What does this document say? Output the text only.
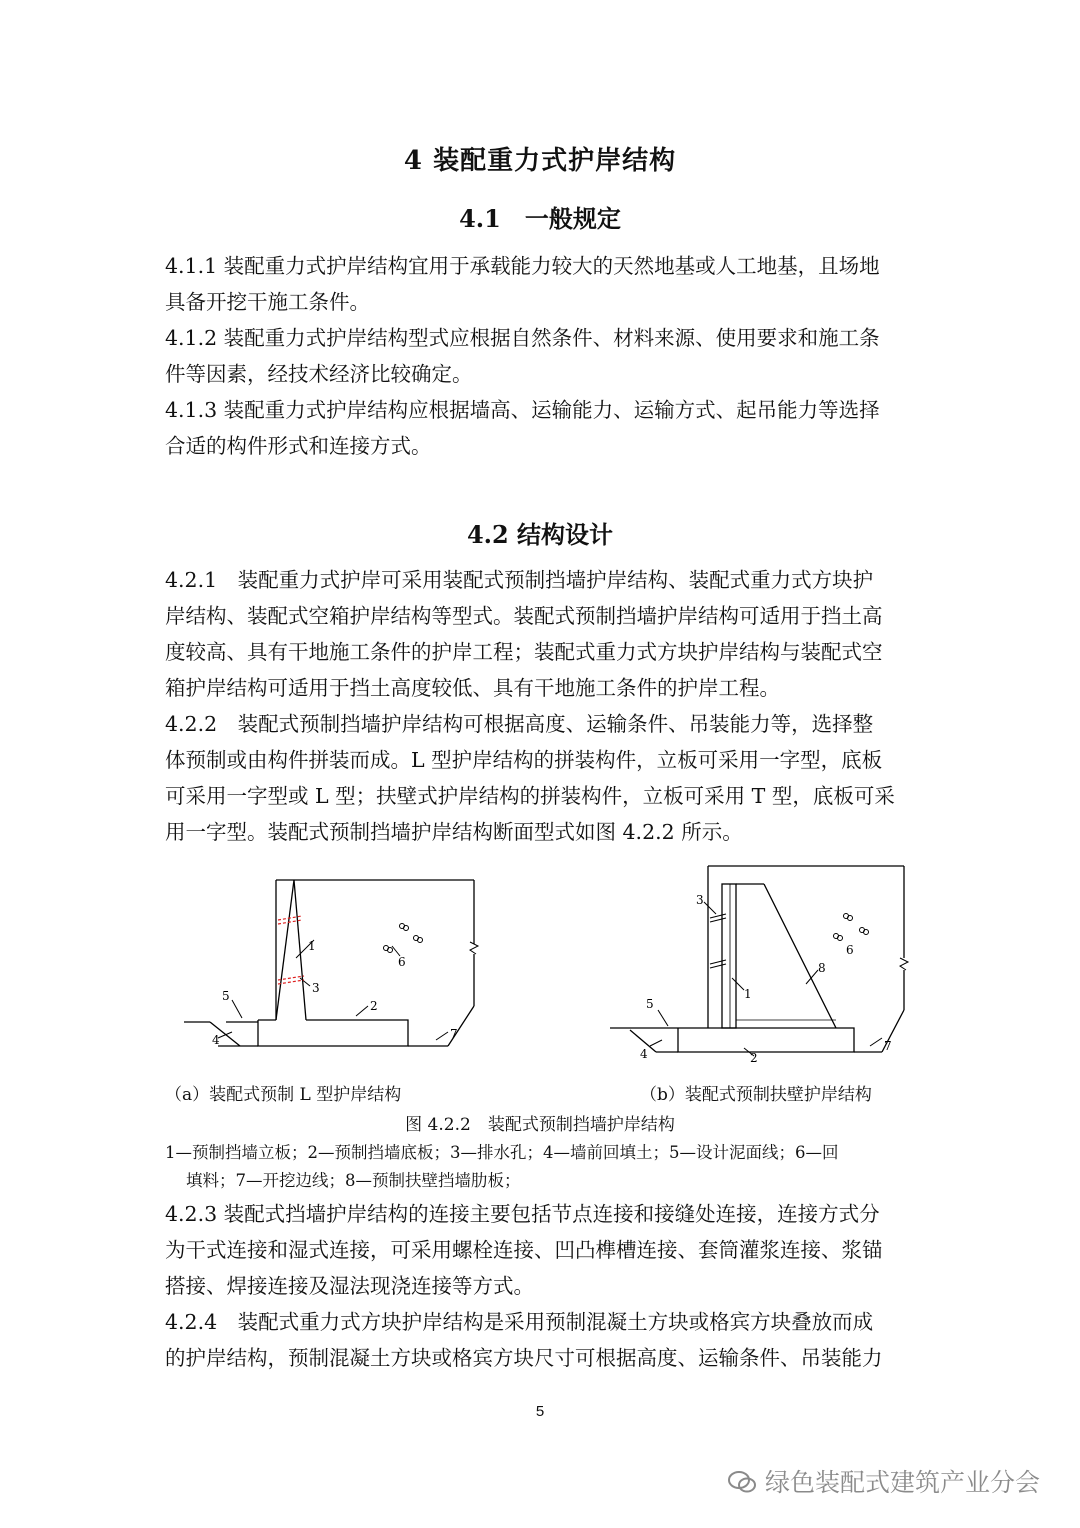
4 装配重力式护岸结构
4.1　一般规定
4.1.1 装配重力式护岸结构宜用于承载能力较大的天然地基或人工地基，且场地
具备开挖干施工条件。
4.1.2 装配重力式护岸结构型式应根据自然条件、材料来源、使用要求和施工条
件等因素，经技术经济比较确定。
4.1.3 装配重力式护岸结构应根据墙高、运输能力、运输方式、起吊能力等选择
合适的构件形式和连接方式。
4.2 结构设计
4.2.1　装配重力式护岸可采用装配式预制挡墙护岸结构、装配式重力式方块护
岸结构、装配式空箱护岸结构等型式。装配式预制挡墙护岸结构可适用于挡土高
度较高、具有干地施工条件的护岸工程；装配式重力式方块护岸结构与装配式空
箱护岸结构可适用于挡土高度较低、具有干地施工条件的护岸工程。
4.2.2　装配式预制挡墙护岸结构可根据高度、运输条件、吊装能力等，选择整
体预制或由构件拼装而成。L 型护岸结构的拼装构件，立板可采用一字型，底板
可采用一字型或 L 型；扶壁式护岸结构的拼装构件，立板可采用 T 型，底板可采
用一字型。装配式预制挡墙护岸结构断面型式如图 4.2.2 所示。
1
2
3
4
5
6
7
1
2
3
4
5
6
7
8
（a）装配式预制 L 型护岸结构	（b）装配式预制扶壁护岸结构
图 4.2.2　装配式预制挡墙护岸结构
1—预制挡墙立板；2—预制挡墙底板；3—排水孔；4—墙前回填土；5—设计泥面线；6—回
填料；7—开挖边线；8—预制扶壁挡墙肋板；
4.2.3 装配式挡墙护岸结构的连接主要包括节点连接和接缝处连接，连接方式分
为干式连接和湿式连接，可采用螺栓连接、凹凸榫槽连接、套筒灌浆连接、浆锚
搭接、焊接连接及湿法现浇连接等方式。
4.2.4　装配式重力式方块护岸结构是采用预制混凝土方块或格宾方块叠放而成
的护岸结构，预制混凝土方块或格宾方块尺寸可根据高度、运输条件、吊装能力
5
绿色装配式建筑产业分会
